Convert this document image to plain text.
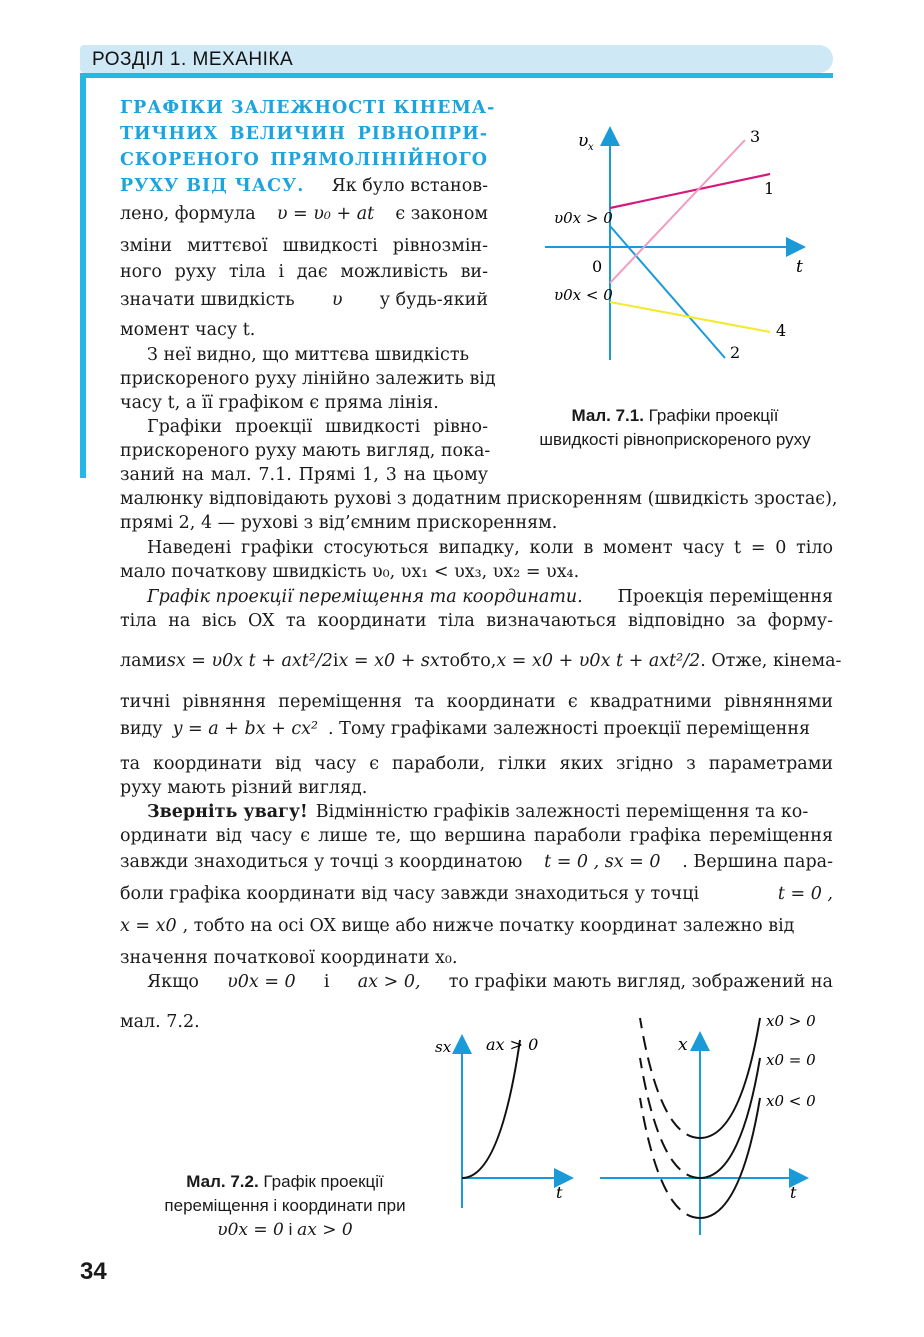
РОЗДІЛ 1. МЕХАНІКА
ГРАФІКИ ЗАЛЕЖНОСТІ КІНЕМА-
ТИЧНИХ ВЕЛИЧИН РІВНОПРИ-
СКОРЕНОГО ПРЯМОЛІНІЙНОГО
РУХУ ВІД ЧАСУ. Як було встанов-
лено, формула υ = υ₀ + at є законом
зміни миттєвої швидкості рівнозмін-
ного руху тіла і дає можливість ви-
значати швидкість υ у будь-який
момент часу t.
З неї видно, що миттєва швидкість
прискореного руху лінійно залежить від
часу t, а її графіком є пряма лінія.
Графіки проекції швидкості рівно-
прискореного руху мають вигляд, пока-
заний на мал. 7.1. Прямі 1, 3 на цьому
малюнку відповідають рухові з додатним прискоренням (швидкість зростає),
прямі 2, 4 — рухові з від’ємним прискоренням.
Наведені графіки стосуються випадку, коли в момент часу t = 0 тіло
мало початкову швидкість υ₀, υx₁ < υx₃, υx₂ = υx₄.
Графік проекції переміщення та координати. Проекція переміщення
тіла на вісь OX та координати тіла визначаються відповідно за форму-
лами sx = υ0x t + axt²/2 і x = x0 + sx тобто, x = x0 + υ0x t + axt²/2 . Отже, кінема-
тичні рівняння переміщення та координати є квадратними рівняннями
виду y = a + bx + cx² . Тому графіками залежності проекції переміщення
та координати від часу є параболи, гілки яких згідно з параметрами
руху мають різний вигляд.
Зверніть увагу! Відмінністю графіків залежності переміщення та ко-
ординати від часу є лише те, що вершина параболи графіка переміщення
завжди знаходиться у точці з координатою t = 0 , sx = 0 . Вершина пара-
боли графіка координати від часу завжди знаходиться у точці	t = 0 ,
x = x0 , тобто на осі OX вище або нижче початку координат залежно від
значення початкової координати x₀.
Якщо υ0x = 0 і ax > 0, то графіки мають вигляд, зображений на
мал. 7.2.
υ x
t
0
υ0x > 0
υ0x < 0
1
2
3
4
Мал. 7.1. Графіки проекції
швидкості рівноприскореного руху
sx ax > 0
t
x
t
x0 > 0
x0 = 0
x0 < 0
Мал. 7.2. Графік проекції
переміщення і координати при
υ0x = 0 і ax > 0
34
